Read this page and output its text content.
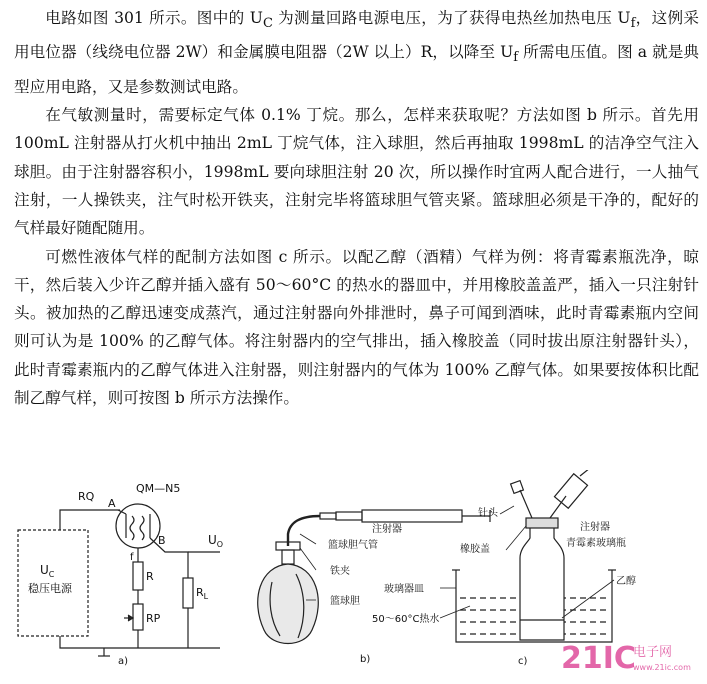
电路如图 301 所示。图中的 $U_C$ 为测量回路电源电压，为了获得电热丝加热电压 $U_f$，这例采用电位器（线绕电位器 2W）和金属膜电阻器（2W 以上）R，以降至 $U_f$ 所需电压值。图 a 就是典型应用电路，又是参数测试电路。

在气敏测量时，需要标定气体 0.1% 丁烷。那么，怎样来获取呢？方法如图 b 所示。首先用 100mL 注射器从打火机中抽出 2mL 丁烷气体，注入球胆，然后再抽取 1998mL 的洁净空气注入球胆。由于注射器容积小，1998mL 要向球胆注射 20 次，所以操作时宜两人配合进行，一人抽气注射，一人操铁夹，注气时松开铁夹，注射完毕将篮球胆气管夹紧。篮球胆必须是干净的，配好的气样最好随配随用。

可燃性液体气样的配制方法如图 c 所示。以配乙醇（酒精）气样为例：将青霉素瓶洗净，晾干，然后装入少许乙醇并插入盛有 50～60°C 的热水的器皿中，并用橡胶盖盖严，插入一只注射针头。被加热的乙醇迅速变成蒸汽，通过注射器向外排泄时，鼻子可闻到酒味，此时青霉素瓶内空间则可认为是 100% 的乙醇气体。将注射器内的空气排出，插入橡胶盖（同时拔出原注射器针头），此时青霉素瓶内的乙醇气体进入注射器，则注射器内的气体为 100% 乙醇气体。如果要按体积比配制乙醇气样，则可按图 b 所示方法操作。

RQ
QM—N5
A
B
f
$U_C$
稳压电源
R
RP
$R_L$
$U_O$
a)
注射器
篮球胆气管
铁夹
篮球胆
b)
针头
注射器
橡胶盖
青霉素玻璃瓶
乙醇
玻璃器皿
50～60°C热水
c) 21IC
电子网
www.21ic.com
